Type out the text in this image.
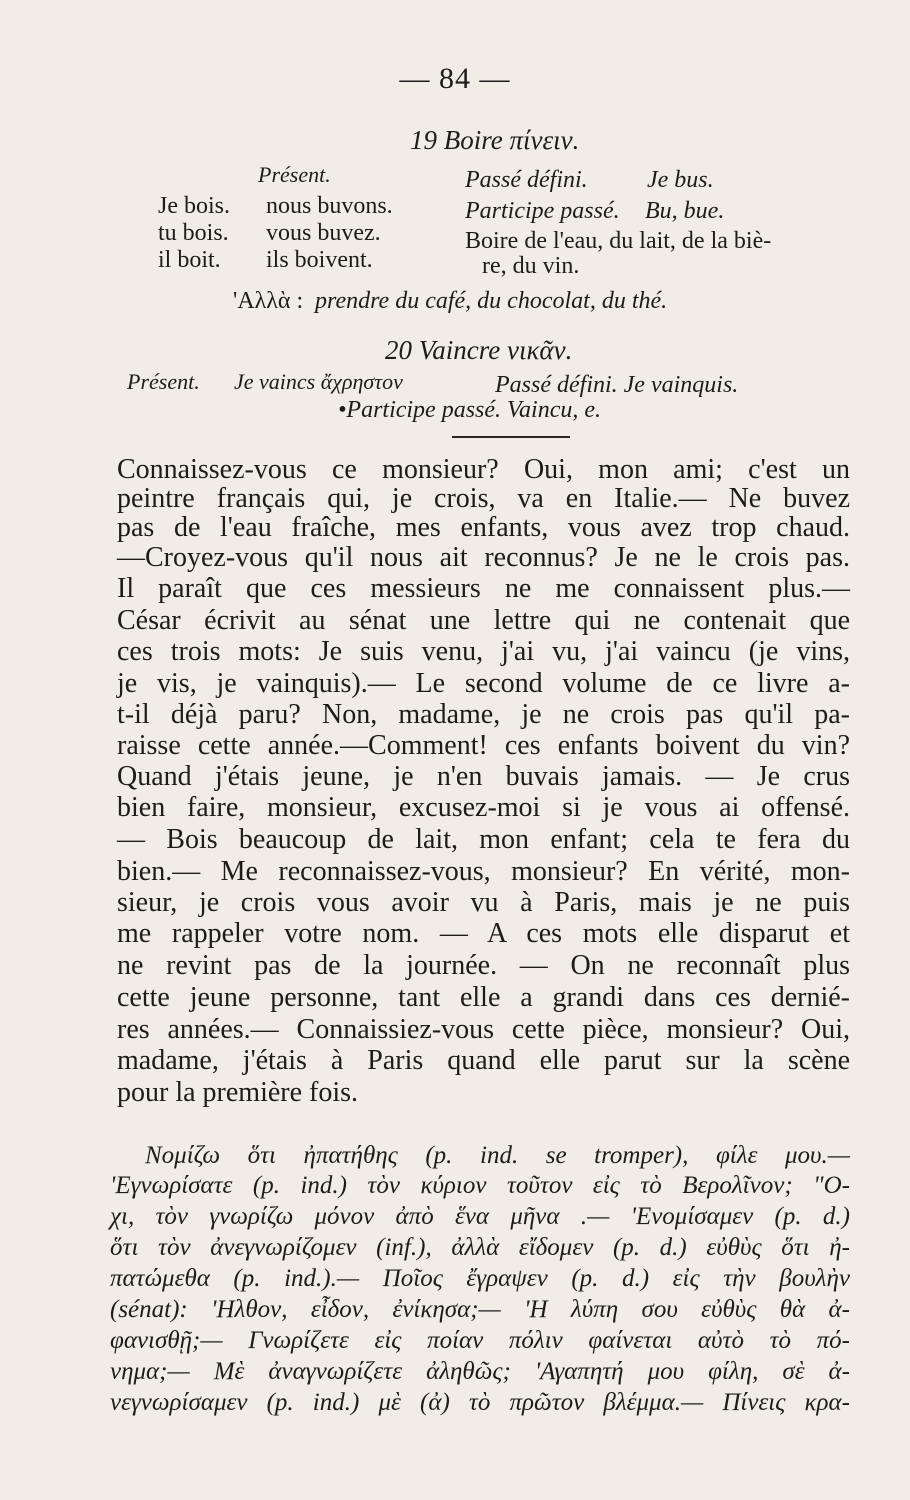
— 84 —
19 Boire πίνειν.
Présent.
Je bois.
tu bois.
il boit.
nous buvons.
vous buvez.
ils boivent.
Passé défini. Je bus.
Participe passé. Bu, bue.
Boire de l'eau, du lait, de la biè-
re, du vin.
'Αλλὰ : prendre du café, du chocolat, du thé.
20 Vaincre νικᾶν.
Présent. Je vaincs ἄχρηστον	Passé défini. Je vainquis.
•Participe passé. Vaincu, e.
Connaissez-vous ce monsieur? Oui, mon ami; c'est un
peintre français qui, je crois, va en Italie.— Ne buvez
pas de l'eau fraîche, mes enfants, vous avez trop chaud.
—Croyez-vous qu'il nous ait reconnus? Je ne le crois pas.
Il paraît que ces messieurs ne me connaissent plus.—
César écrivit au sénat une lettre qui ne contenait que
ces trois mots: Je suis venu, j'ai vu, j'ai vaincu (je vins,
je vis, je vainquis).— Le second volume de ce livre a-
t-il déjà paru? Non, madame, je ne crois pas qu'il pa-
raisse cette année.—Comment! ces enfants boivent du vin?
Quand j'étais jeune, je n'en buvais jamais. — Je crus
bien faire, monsieur, excusez-moi si je vous ai offensé.
— Bois beaucoup de lait, mon enfant; cela te fera du
bien.— Me reconnaissez-vous, monsieur? En vérité, mon-
sieur, je crois vous avoir vu à Paris, mais je ne puis
me rappeler votre nom. — A ces mots elle disparut et
ne revint pas de la journée. — On ne reconnaît plus
cette jeune personne, tant elle a grandi dans ces dernié-
res années.— Connaissiez-vous cette pièce, monsieur? Oui,
madame, j'étais à Paris quand elle parut sur la scène
pour la première fois.
Νομίζω ὅτι ἠπατήθης (p. ind. se tromper), φίλε μου.—
'Εγνωρίσατε (p. ind.) τὸν κύριον τοῦτον εἰς τὸ Βερολῖνον; "Ο-
χι, τὸν γνωρίζω μόνον ἀπὸ ἕνα μῆνα .— 'Ενομίσαμεν (p. d.)
ὅτι τὸν ἀνεγνωρίζομεν (inf.), ἀλλὰ εἴδομεν (p. d.) εὐθὺς ὅτι ἠ-
πατώμεθα (p. ind.).— Ποῖος ἔγραψεν (p. d.) εἰς τὴν βουλὴν
(sénat): 'Ηλθον, εἶδον, ἐνίκησα;— 'Η λύπη σου εὐθὺς θὰ ἀ-
φανισθῇ;— Γνωρίζετε εἰς ποίαν πόλιν φαίνεται αὐτὸ τὸ πό-
νημα;— Μὲ ἀναγνωρίζετε ἀληθῶς; 'Αγαπητή μου φίλη, σὲ ἀ-
νεγνωρίσαμεν (p. ind.) μὲ (ἀ) τὸ πρῶτον βλέμμα.— Πίνεις κρα-
